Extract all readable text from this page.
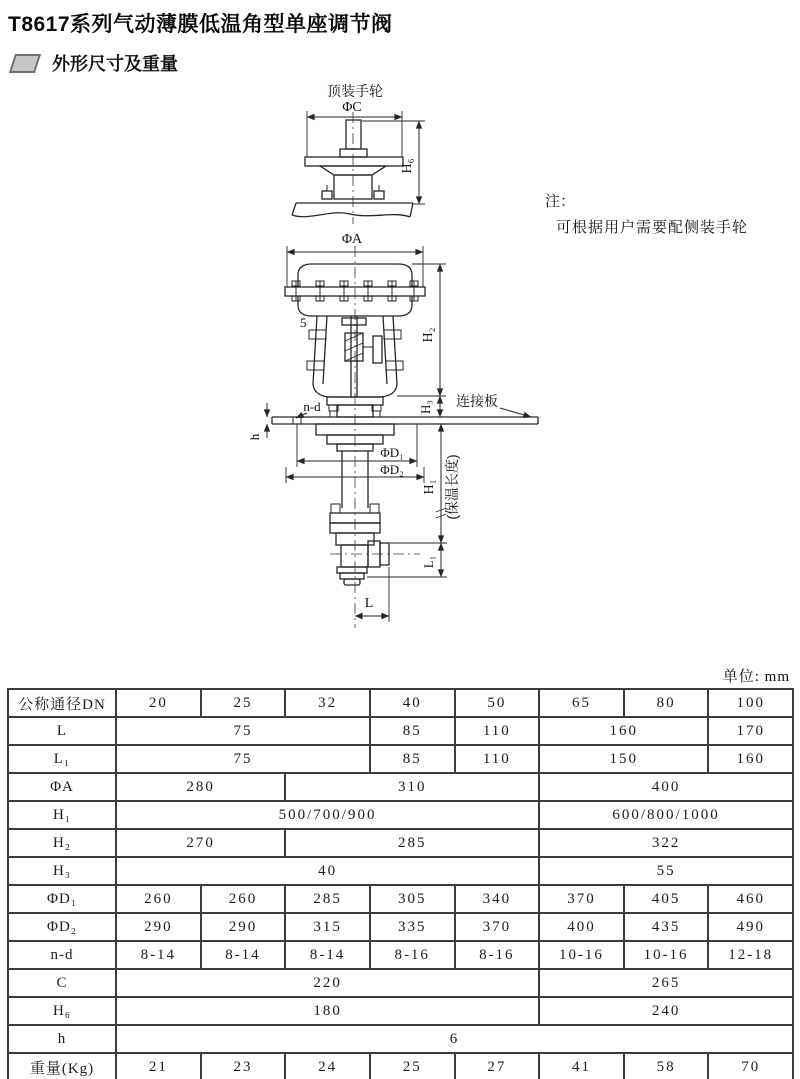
T8617系列气动薄膜低温角型单座调节阀
外形尺寸及重量
注：
可根据用户需要配侧装手轮
顶装手轮
ΦC
H₆
ΦA
5
H₂
H₃
n-d	连接板
h
ΦD₁
ΦD₂
H₁ (保温长度)
L₁
L
单位: mm
公称通径DN	20	25	32	40	50	65	80	100
L	75			85	110	160		170
L₁	75			85	110	150		160
ΦA	280		310			400		
H₁	500/700/900					600/800/1000		
H₂	270		285			322		
H₃	40					55		
ΦD₁	260	260	285	305	340	370	405	460
ΦD₂	290	290	315	335	370	400	435	490
n-d	8-14	8-14	8-14	8-16	8-16	10-16	10-16	12-18
C	220					265		
H₆	180					240		
h	6							
重量(Kg)	21	23	24	25	27	41	58	70
